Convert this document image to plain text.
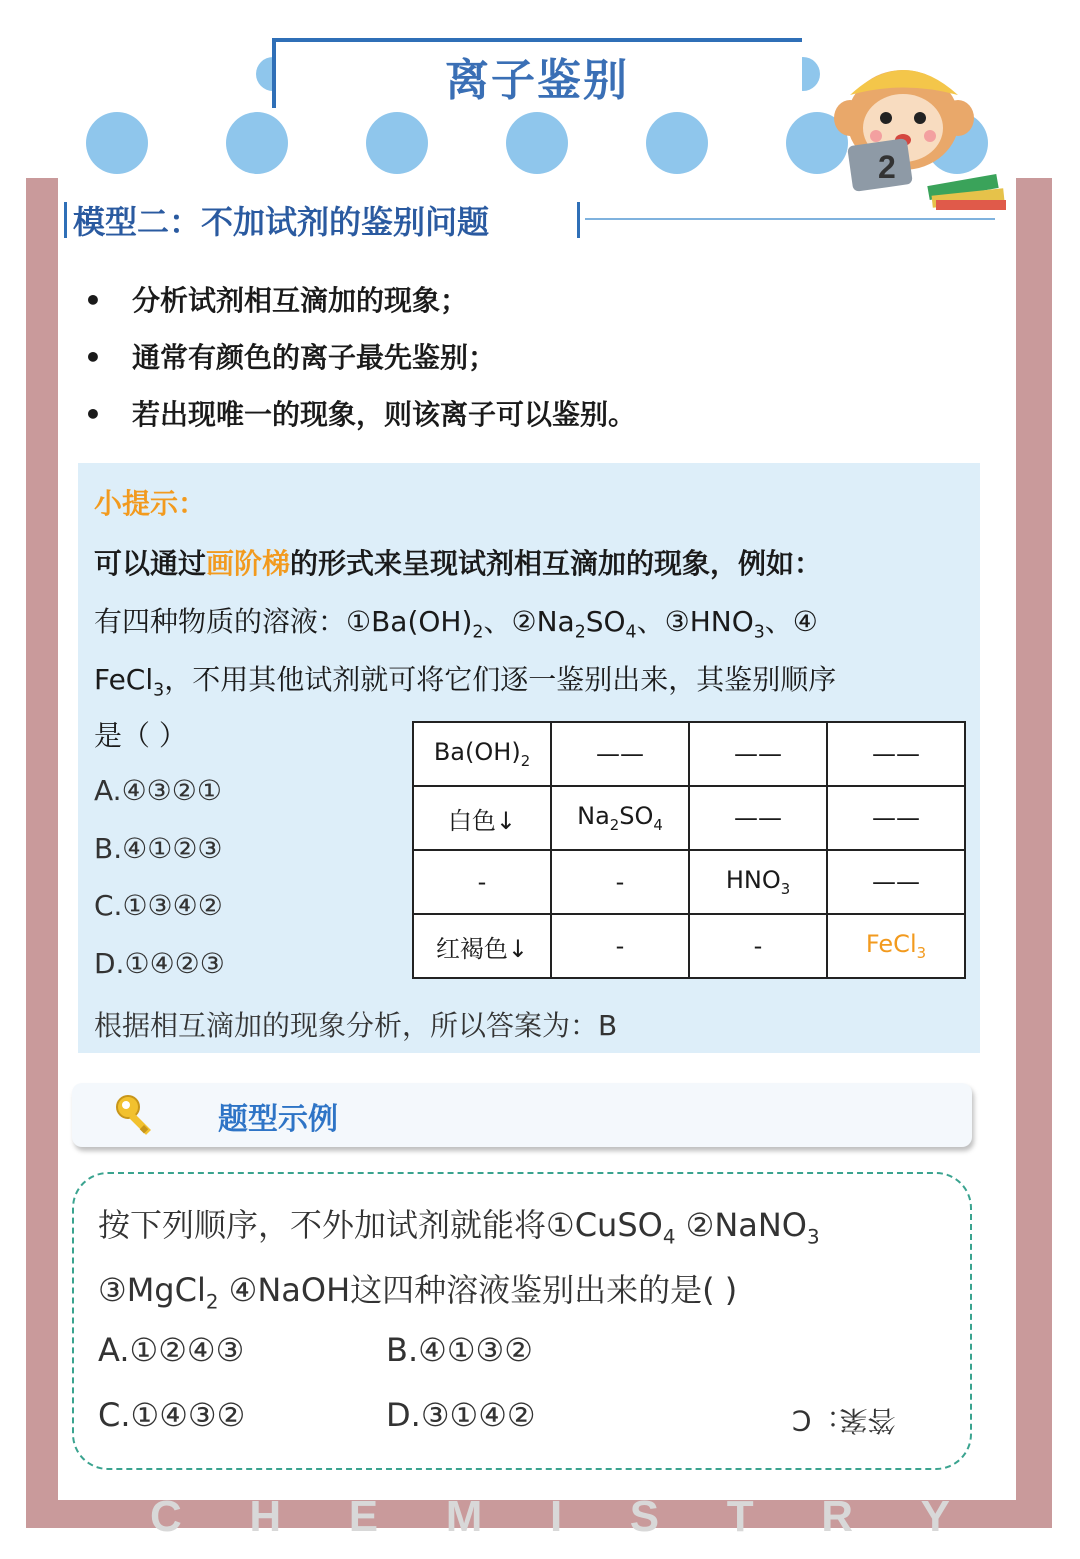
离子鉴别
2
模型二：不加试剂的鉴别问题
• 分析试剂相互滴加的现象；
• 通常有颜色的离子最先鉴别；
• 若出现唯一的现象，则该离子可以鉴别。
小提示：
可以通过画阶梯的形式来呈现试剂相互滴加的现象，例如：
有四种物质的溶液：$①Ba(OH)_2$、$②Na_2SO_4$、$③HNO_3$、④
FeCl$_3$，不用其他试剂就可将它们逐一鉴别出来，其鉴别顺序
是（ ）
A.④③②①
B.④①②③
C.①③④②
D.①④②③
根据相互滴加的现象分析，所以答案为：B
$Ba(OH)_2$	——	——	——
白色↓	$Na_2SO_4$	——	——
-	-	$HNO_3$	——
红褐色↓	-	-	FeCl$_3$
题型示例
按下列顺序，不外加试剂就能将①CuSO$_4$ ②NaNO$_3$
③MgCl$_2$ ④NaOH这四种溶液鉴别出来的是( )
A.①②④③	B.④①③②
C.①④③②	D.③①④②	答案：C
C H E M I S T R Y
